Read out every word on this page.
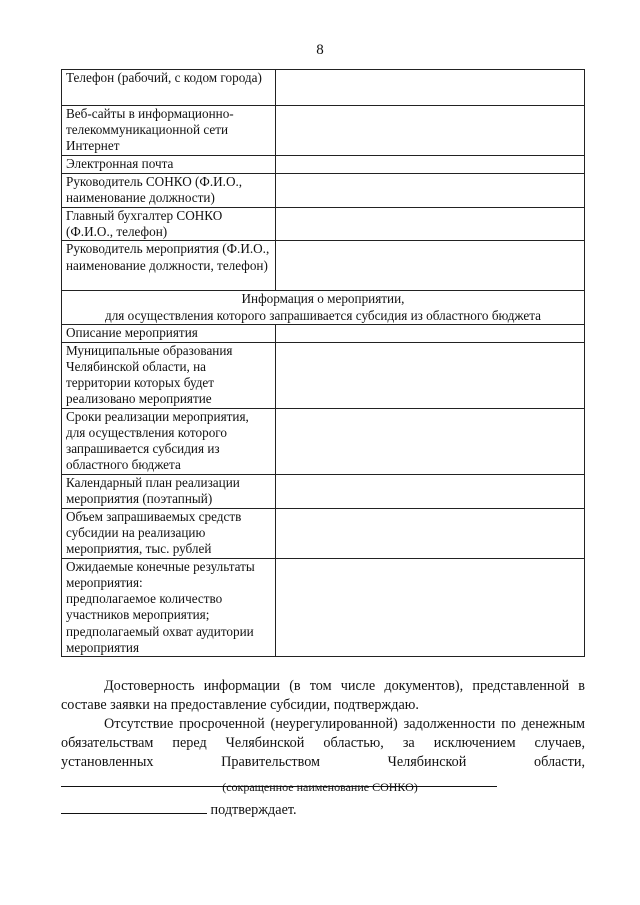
8
Телефон (рабочий, с кодом города)	
Веб-сайты в информационно-телекоммуникационной сети Интернет	
Электронная почта	
Руководитель СОНКО (Ф.И.О., наименование должности)	
Главный бухгалтер СОНКО (Ф.И.О., телефон)	
Руководитель мероприятия (Ф.И.О., наименование должности, телефон)	

Информация о мероприятии,
для осуществления которого запрашивается субсидия из областного бюджета	

Описание мероприятия	
Муниципальные образования Челябинской области, на территории которых будет реализовано мероприятие	
Сроки реализации мероприятия, для осуществления которого запрашивается субсидия из областного бюджета	
Календарный план реализации мероприятия (поэтапный)	
Объем запрашиваемых средств субсидии на реализацию мероприятия, тыс. рублей	

Ожидаемые конечные результаты мероприятия:
предполагаемое количество участников мероприятия;
предполагаемый охват аудитории мероприятия	

Достоверность информации (в том числе документов), представленной в составе заявки на предоставление субсидии, подтверждаю.
Отсутствие просроченной (неурегулированной) задолженности по денежным обязательствам перед Челябинской областью, за исключением случаев, установленных Правительством Челябинской области,
(сокращенное наименование СОНКО)
подтверждает.
